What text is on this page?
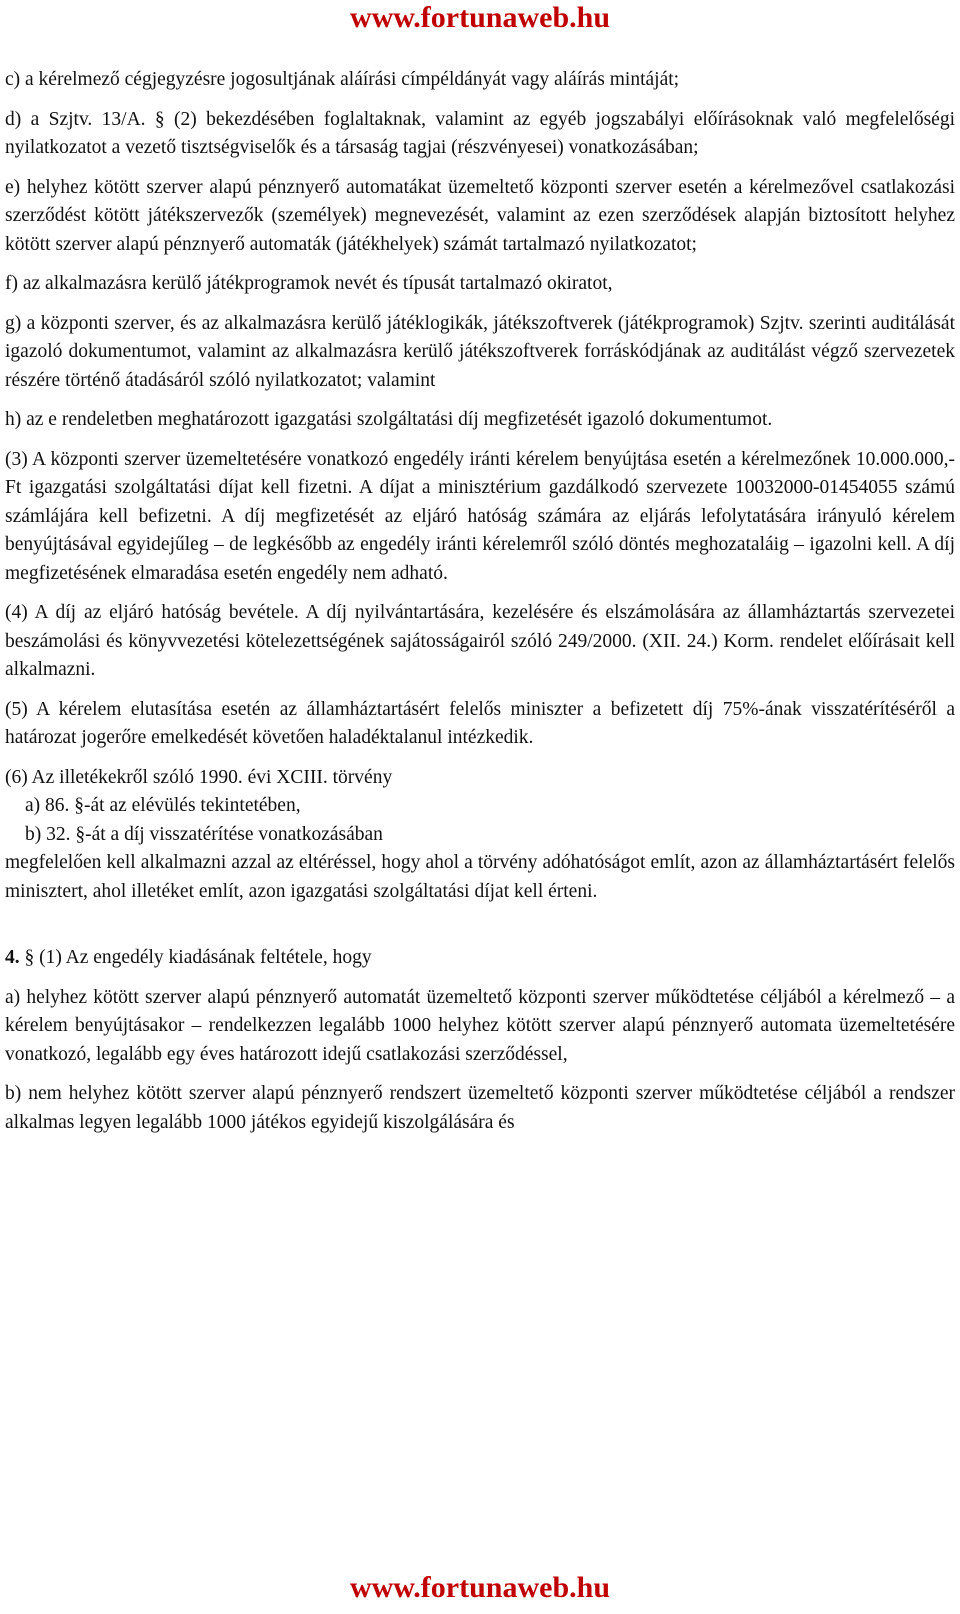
www.fortunaweb.hu

c) a kérelmező cégjegyzésre jogosultjának aláírási címpéldányát vagy aláírás mintáját;

d) a Szjtv. 13/A. § (2) bekezdésében foglaltaknak, valamint az egyéb jogszabályi előírásoknak való megfelelőségi nyilatkozatot a vezető tisztségviselők és a társaság tagjai (részvényesei) vonatkozásában;

e) helyhez kötött szerver alapú pénznyerő automatákat üzemeltető központi szerver esetén a kérelmezővel csatlakozási szerződést kötött játékszervezők (személyek) megnevezését, valamint az ezen szerződések alapján biztosított helyhez kötött szerver alapú pénznyerő automaták (játékhelyek) számát tartalmazó nyilatkozatot;

f) az alkalmazásra kerülő játékprogramok nevét és típusát tartalmazó okiratot,

g) a központi szerver, és az alkalmazásra kerülő játéklogikák, játékszoftverek (játékprogramok) Szjtv. szerinti auditálását igazoló dokumentumot, valamint az alkalmazásra kerülő játékszoftverek forráskódjának az auditálást végző szervezetek részére történő átadásáról szóló nyilatkozatot; valamint

h) az e rendeletben meghatározott igazgatási szolgáltatási díj megfizetését igazoló dokumentumot.

(3) A központi szerver üzemeltetésére vonatkozó engedély iránti kérelem benyújtása esetén a kérelmezőnek 10.000.000,- Ft igazgatási szolgáltatási díjat kell fizetni. A díjat a minisztérium gazdálkodó szervezete 10032000-01454055 számú számlájára kell befizetni. A díj megfizetését az eljáró hatóság számára az eljárás lefolytatására irányuló kérelem benyújtásával egyidejűleg – de legkésőbb az engedély iránti kérelemről szóló döntés meghozataláig – igazolni kell. A díj megfizetésének elmaradása esetén engedély nem adható.

(4) A díj az eljáró hatóság bevétele. A díj nyilvántartására, kezelésére és elszámolására az államháztartás szervezetei beszámolási és könyvvezetési kötelezettségének sajátosságairól szóló 249/2000. (XII. 24.) Korm. rendelet előírásait kell alkalmazni.

(5) A kérelem elutasítása esetén az államháztartásért felelős miniszter a befizetett díj 75%-ának visszatérítéséről a határozat jogerőre emelkedését követően haladéktalanul intézkedik.

(6) Az illetékekről szóló 1990. évi XCIII. törvény

a) 86. §-át az elévülés tekintetében,

b) 32. §-át a díj visszatérítése vonatkozásában

megfelelően kell alkalmazni azzal az eltéréssel, hogy ahol a törvény adóhatóságot említ, azon az államháztartásért felelős minisztert, ahol illetéket említ, azon igazgatási szolgáltatási díjat kell érteni.

4. § (1) Az engedély kiadásának feltétele, hogy

a) helyhez kötött szerver alapú pénznyerő automatát üzemeltető központi szerver működtetése céljából a kérelmező – a kérelem benyújtásakor – rendelkezzen legalább 1000 helyhez kötött szerver alapú pénznyerő automata üzemeltetésére vonatkozó, legalább egy éves határozott idejű csatlakozási szerződéssel,

b) nem helyhez kötött szerver alapú pénznyerő rendszert üzemeltető központi szerver működtetése céljából a rendszer alkalmas legyen legalább 1000 játékos egyidejű kiszolgálására és

www.fortunaweb.hu
